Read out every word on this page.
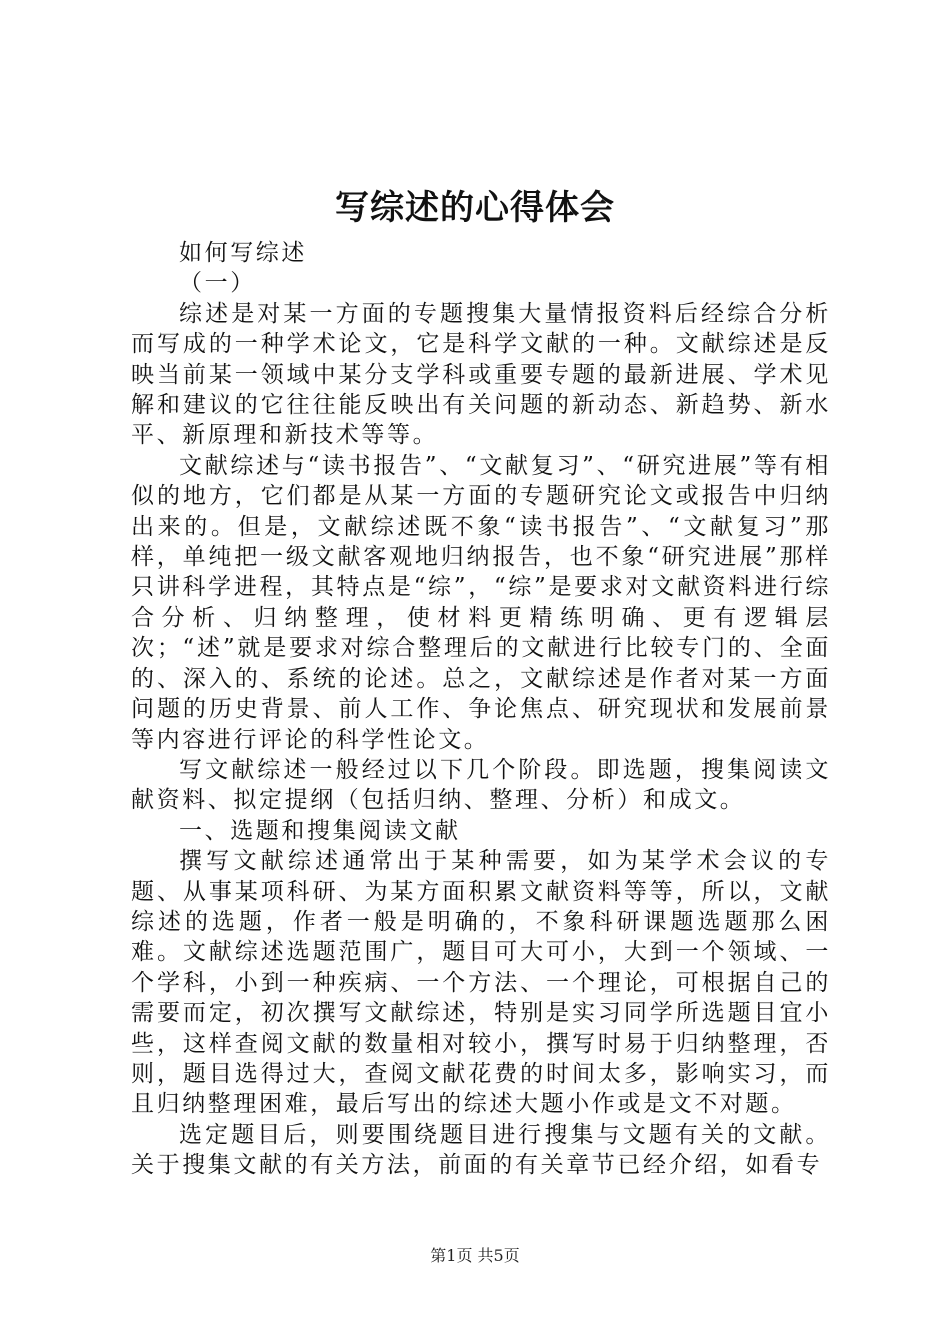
写综述的心得体会

如何写综述

（一）

综述是对某一方面的专题搜集大量情报资料后经综合分析而写成的一种学术论文，它是科学文献的一种。文献综述是反映当前某一领域中某分支学科或重要专题的最新进展、学术见解和建议的它往往能反映出有关问题的新动态、新趋势、新水平、新原理和新技术等等。

文献综述与“读书报告”、“文献复习”、“研究进展”等有相似的地方，它们都是从某一方面的专题研究论文或报告中归纳出来的。但是，文献综述既不象“读书报告”、“文献复习”那样，单纯把一级文献客观地归纳报告，也不象“研究进展”那样只讲科学进程，其特点是“综”，“综”是要求对文献资料进行综合分析、归纳整理，使材料更精练明确、更有逻辑层次；“述”就是要求对综合整理后的文献进行比较专门的、全面的、深入的、系统的论述。总之，文献综述是作者对某一方面问题的历史背景、前人工作、争论焦点、研究现状和发展前景等内容进行评论的科学性论文。

写文献综述一般经过以下几个阶段。即选题，搜集阅读文献资料、拟定提纲（包括归纳、整理、分析）和成文。

一、选题和搜集阅读文献

撰写文献综述通常出于某种需要，如为某学术会议的专题、从事某项科研、为某方面积累文献资料等等，所以，文献综述的选题，作者一般是明确的，不象科研课题选题那么困难。文献综述选题范围广，题目可大可小，大到一个领域、一个学科，小到一种疾病、一个方法、一个理论，可根据自己的需要而定，初次撰写文献综述，特别是实习同学所选题目宜小些，这样查阅文献的数量相对较小，撰写时易于归纳整理，否则，题目选得过大，查阅文献花费的时间太多，影响实习，而且归纳整理困难，最后写出的综述大题小作或是文不对题。

选定题目后，则要围绕题目进行搜集与文题有关的文献。关于搜集文献的有关方法，前面的有关章节已经介绍，如看专

第1页 共5页
